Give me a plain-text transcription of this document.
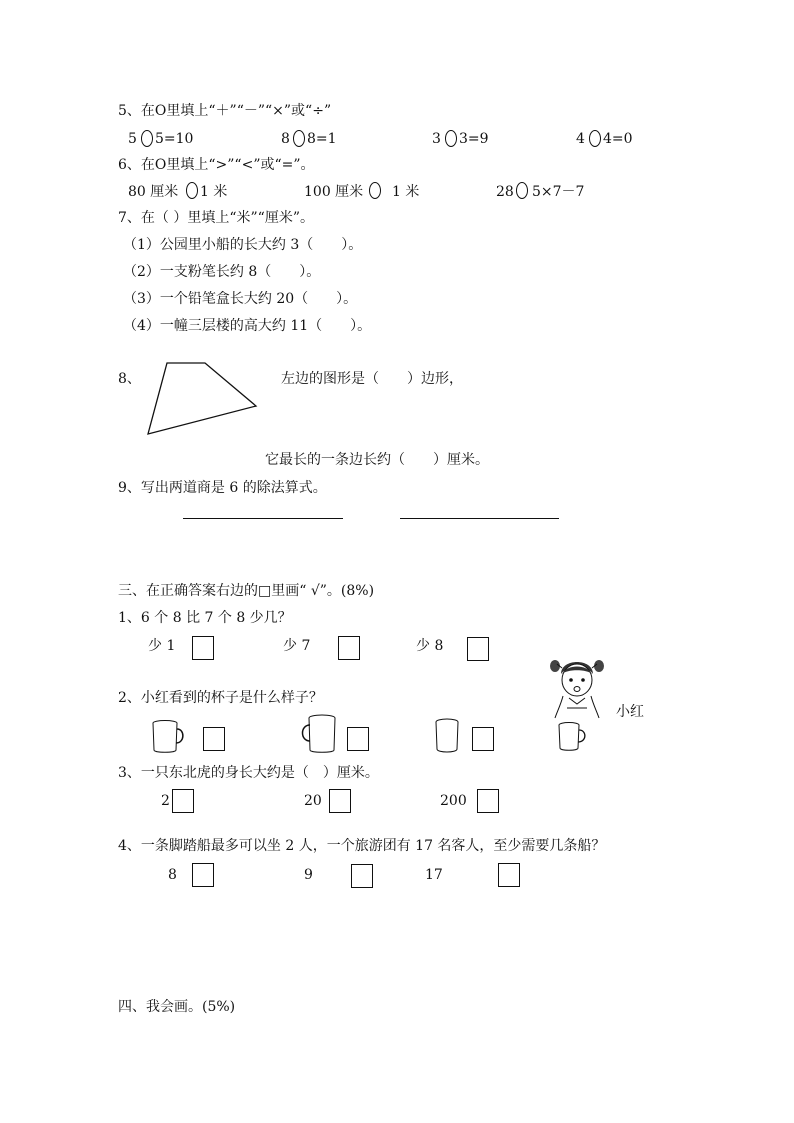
5、在O里填上“＋”“－”“×”或“÷”
5 5=10	8 8=1	3 3=9	4 4=0
6、在O里填上“>”“<”或“=”。
80 厘米 1 米	100 厘米 1 米	28 5×7－7
7、在（ ）里填上“米”“厘米”。
（1）公园里小船的长大约 3（　　）。
（2）一支粉笔长约 8（　　）。
（3）一个铅笔盒长大约 20（　　）。
（4）一幢三层楼的高大约 11（　　）。
8、	左边的图形是（　　）边形，
它最长的一条边长约（　　）厘米。
9、写出两道商是 6 的除法算式。
三、在正确答案右边的□里画“ √”。(8%)
1、6 个 8 比 7 个 8 少几？
少 1	少 7	少 8
2、小红看到的杯子是什么样子？
小红
3、一只东北虎的身长大约是（　）厘米。
2	20	200
4、一条脚踏船最多可以坐 2 人，一个旅游团有 17 名客人，至少需要几条船？
8	9	17
四、我会画。(5%)
